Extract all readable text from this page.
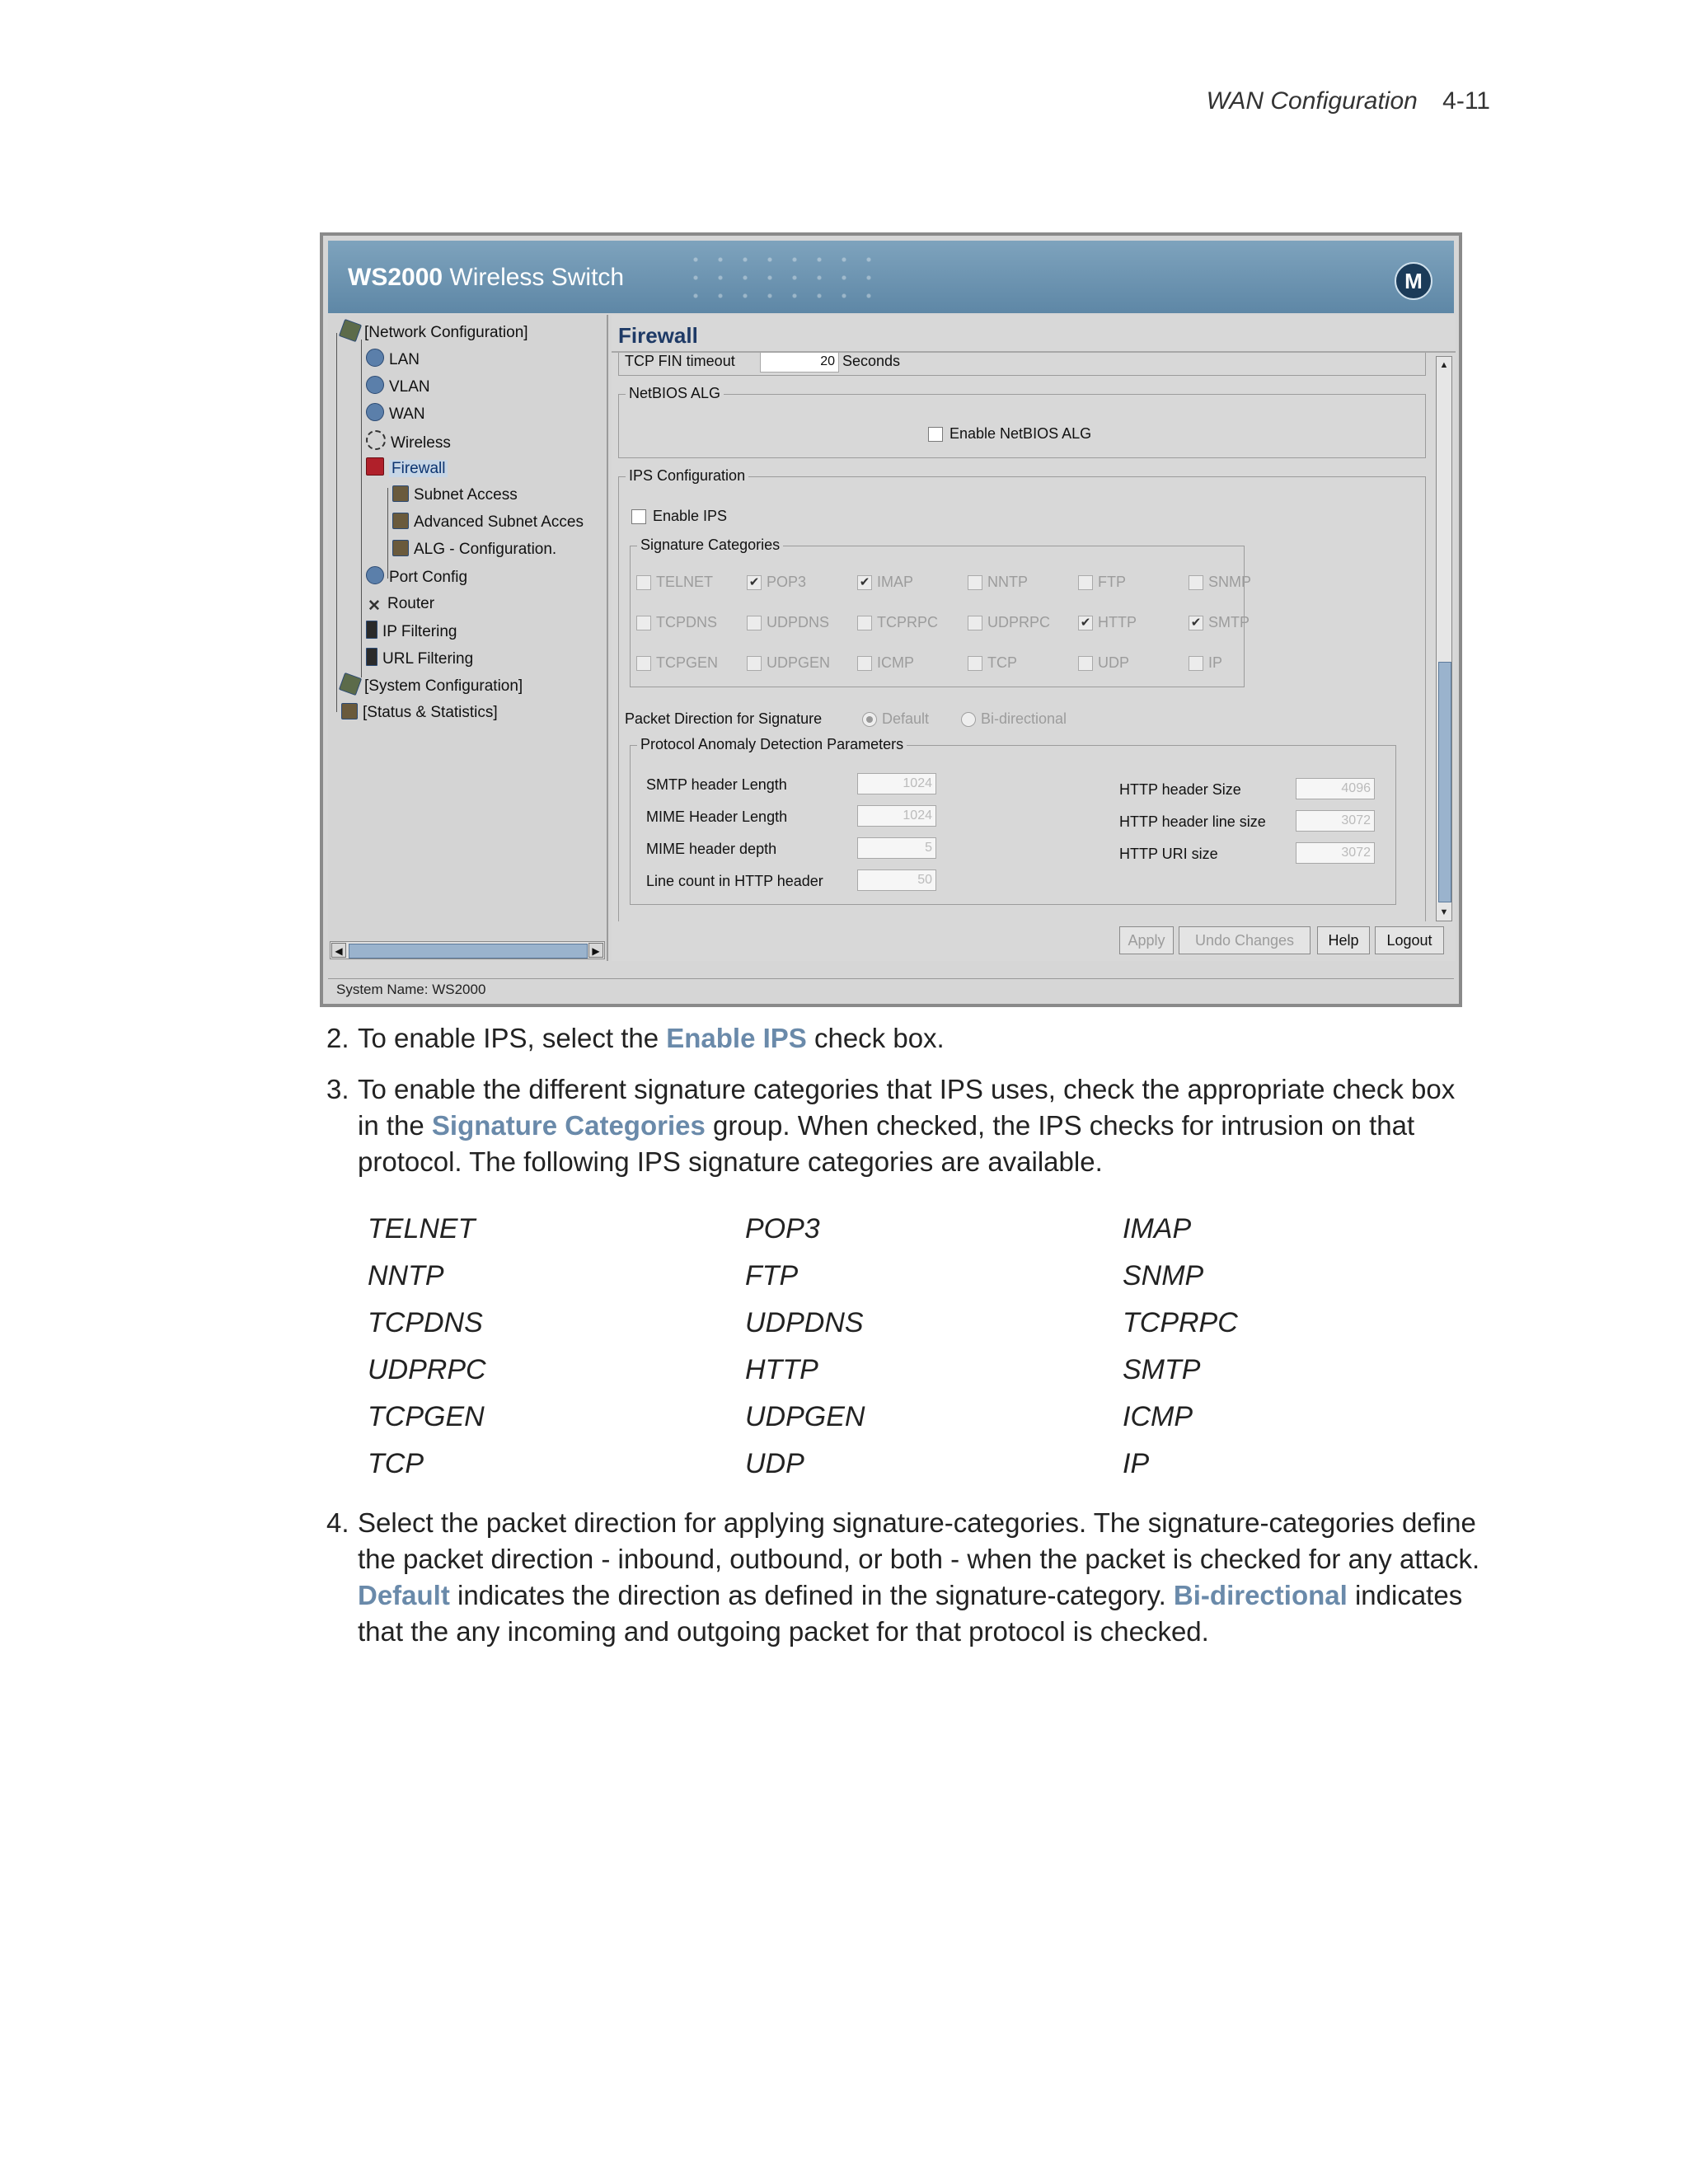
WAN Configuration 4-11
WS2000 Wireless Switch	M
[Network Configuration]
LAN
VLAN
WAN
Wireless
Firewall
Subnet Access
Advanced Subnet Acces
ALG - Configuration.
Port Config
✕ Router
IP Filtering
URL Filtering
[System Configuration]
[Status & Statistics]
◀	▶
Firewall
TCP FIN timeout	20 Seconds
NetBIOS ALG
Enable NetBIOS ALG
IPS Configuration
Enable IPS
Signature Categories
TELNET	✔ POP3	✔ IMAP	NNTP	FTP	SNMP
TCPDNS	UDPDNS	TCPRPC	UDPRPC ✔ HTTP	✔ SMTP
TCPGEN	UDPGEN	ICMP	TCP	UDP	IP
Packet Direction for Signature	Default	Bi-directional
Protocol Anomaly Detection Parameters
SMTP header Length	1024
MIME Header Length	1024
MIME header depth	5
Line count in HTTP header	50
HTTP header Size	4096
HTTP header line size	3072
HTTP URI size	3072
▲
▼
Apply	Undo Changes	Help	Logout
System Name: WS2000
2. To enable IPS, select the Enable IPS check box.
3. To enable the different signature categories that IPS uses, check the appropriate check box in the Signature Categories group. When checked, the IPS checks for intrusion on that protocol. The following IPS signature categories are available.
TELNET	POP3	IMAP
NNTP	FTP	SNMP
TCPDNS	UDPDNS	TCPRPC
UDPRPC	HTTP	SMTP
TCPGEN	UDPGEN	ICMP
TCP	UDP	IP
4. Select the packet direction for applying signature-categories. The signature-categories define the packet direction - inbound, outbound, or both - when the packet is checked for any attack. Default indicates the direction as defined in the signature-category. Bi-directional indicates that the any incoming and outgoing packet for that protocol is checked.
